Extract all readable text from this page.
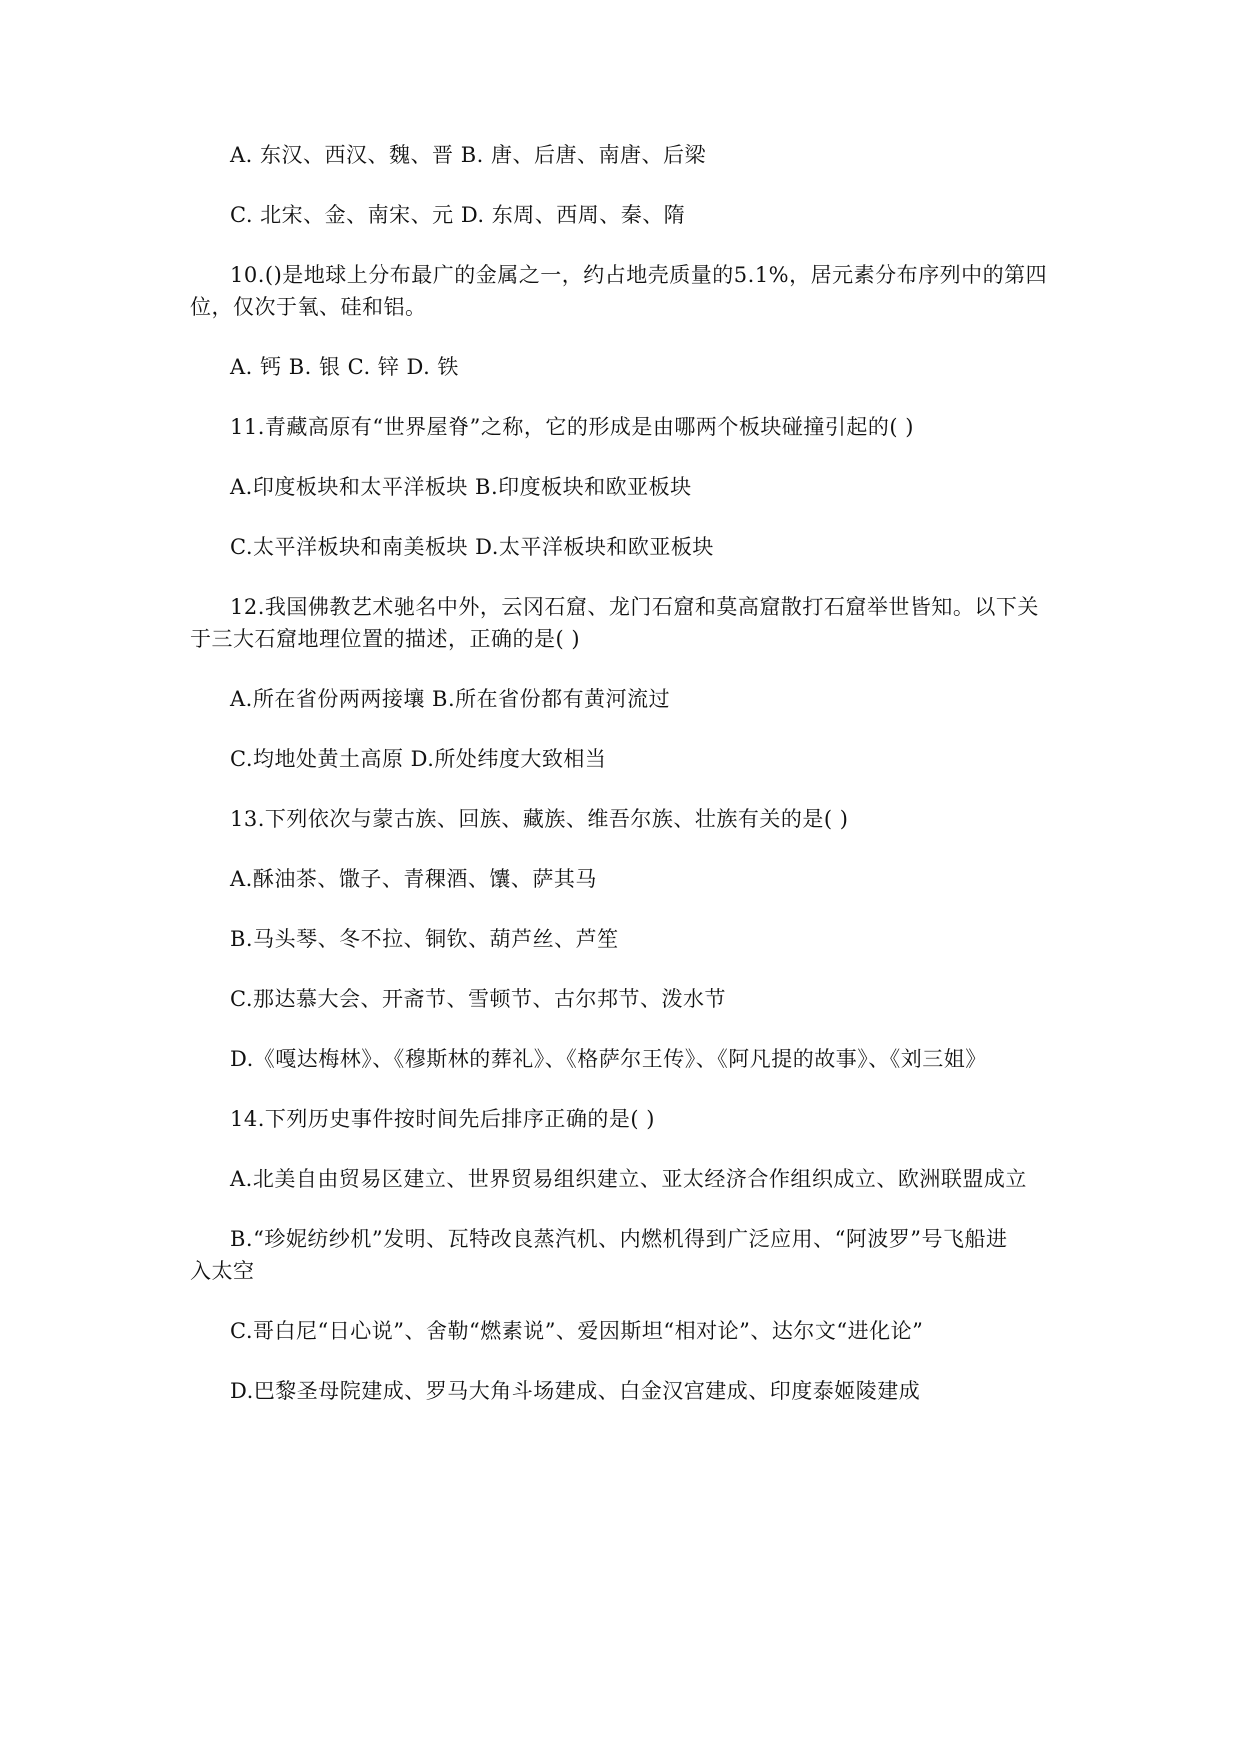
A. 东汉、西汉、魏、晋 B. 唐、后唐、南唐、后梁
C. 北宋、金、南宋、元 D. 东周、西周、秦、隋
10.()是地球上分布最广的金属之一，约占地壳质量的5.1%，居元素分布序列中的第四
位，仅次于氧、硅和铝。
A. 钙 B. 银 C. 锌 D. 铁
11.青藏高原有“世界屋脊”之称，它的形成是由哪两个板块碰撞引起的( )
A.印度板块和太平洋板块 B.印度板块和欧亚板块
C.太平洋板块和南美板块 D.太平洋板块和欧亚板块
12.我国佛教艺术驰名中外，云冈石窟、龙门石窟和莫高窟散打石窟举世皆知。以下关
于三大石窟地理位置的描述，正确的是( )
A.所在省份两两接壤 B.所在省份都有黄河流过
C.均地处黄土高原 D.所处纬度大致相当
13.下列依次与蒙古族、回族、藏族、维吾尔族、壮族有关的是( )
A.酥油茶、馓子、青稞酒、馕、萨其马
B.马头琴、冬不拉、铜钦、葫芦丝、芦笙
C.那达慕大会、开斋节、雪顿节、古尔邦节、泼水节
D.《嘎达梅林》、《穆斯林的葬礼》、《格萨尔王传》、《阿凡提的故事》、《刘三姐》
14.下列历史事件按时间先后排序正确的是( )
A.北美自由贸易区建立、世界贸易组织建立、亚太经济合作组织成立、欧洲联盟成立
B.“珍妮纺纱机”发明、瓦特改良蒸汽机、内燃机得到广泛应用、“阿波罗”号飞船进
入太空
C.哥白尼“日心说”、舍勒“燃素说”、爱因斯坦“相对论”、达尔文“进化论”
D.巴黎圣母院建成、罗马大角斗场建成、白金汉宫建成、印度泰姬陵建成
